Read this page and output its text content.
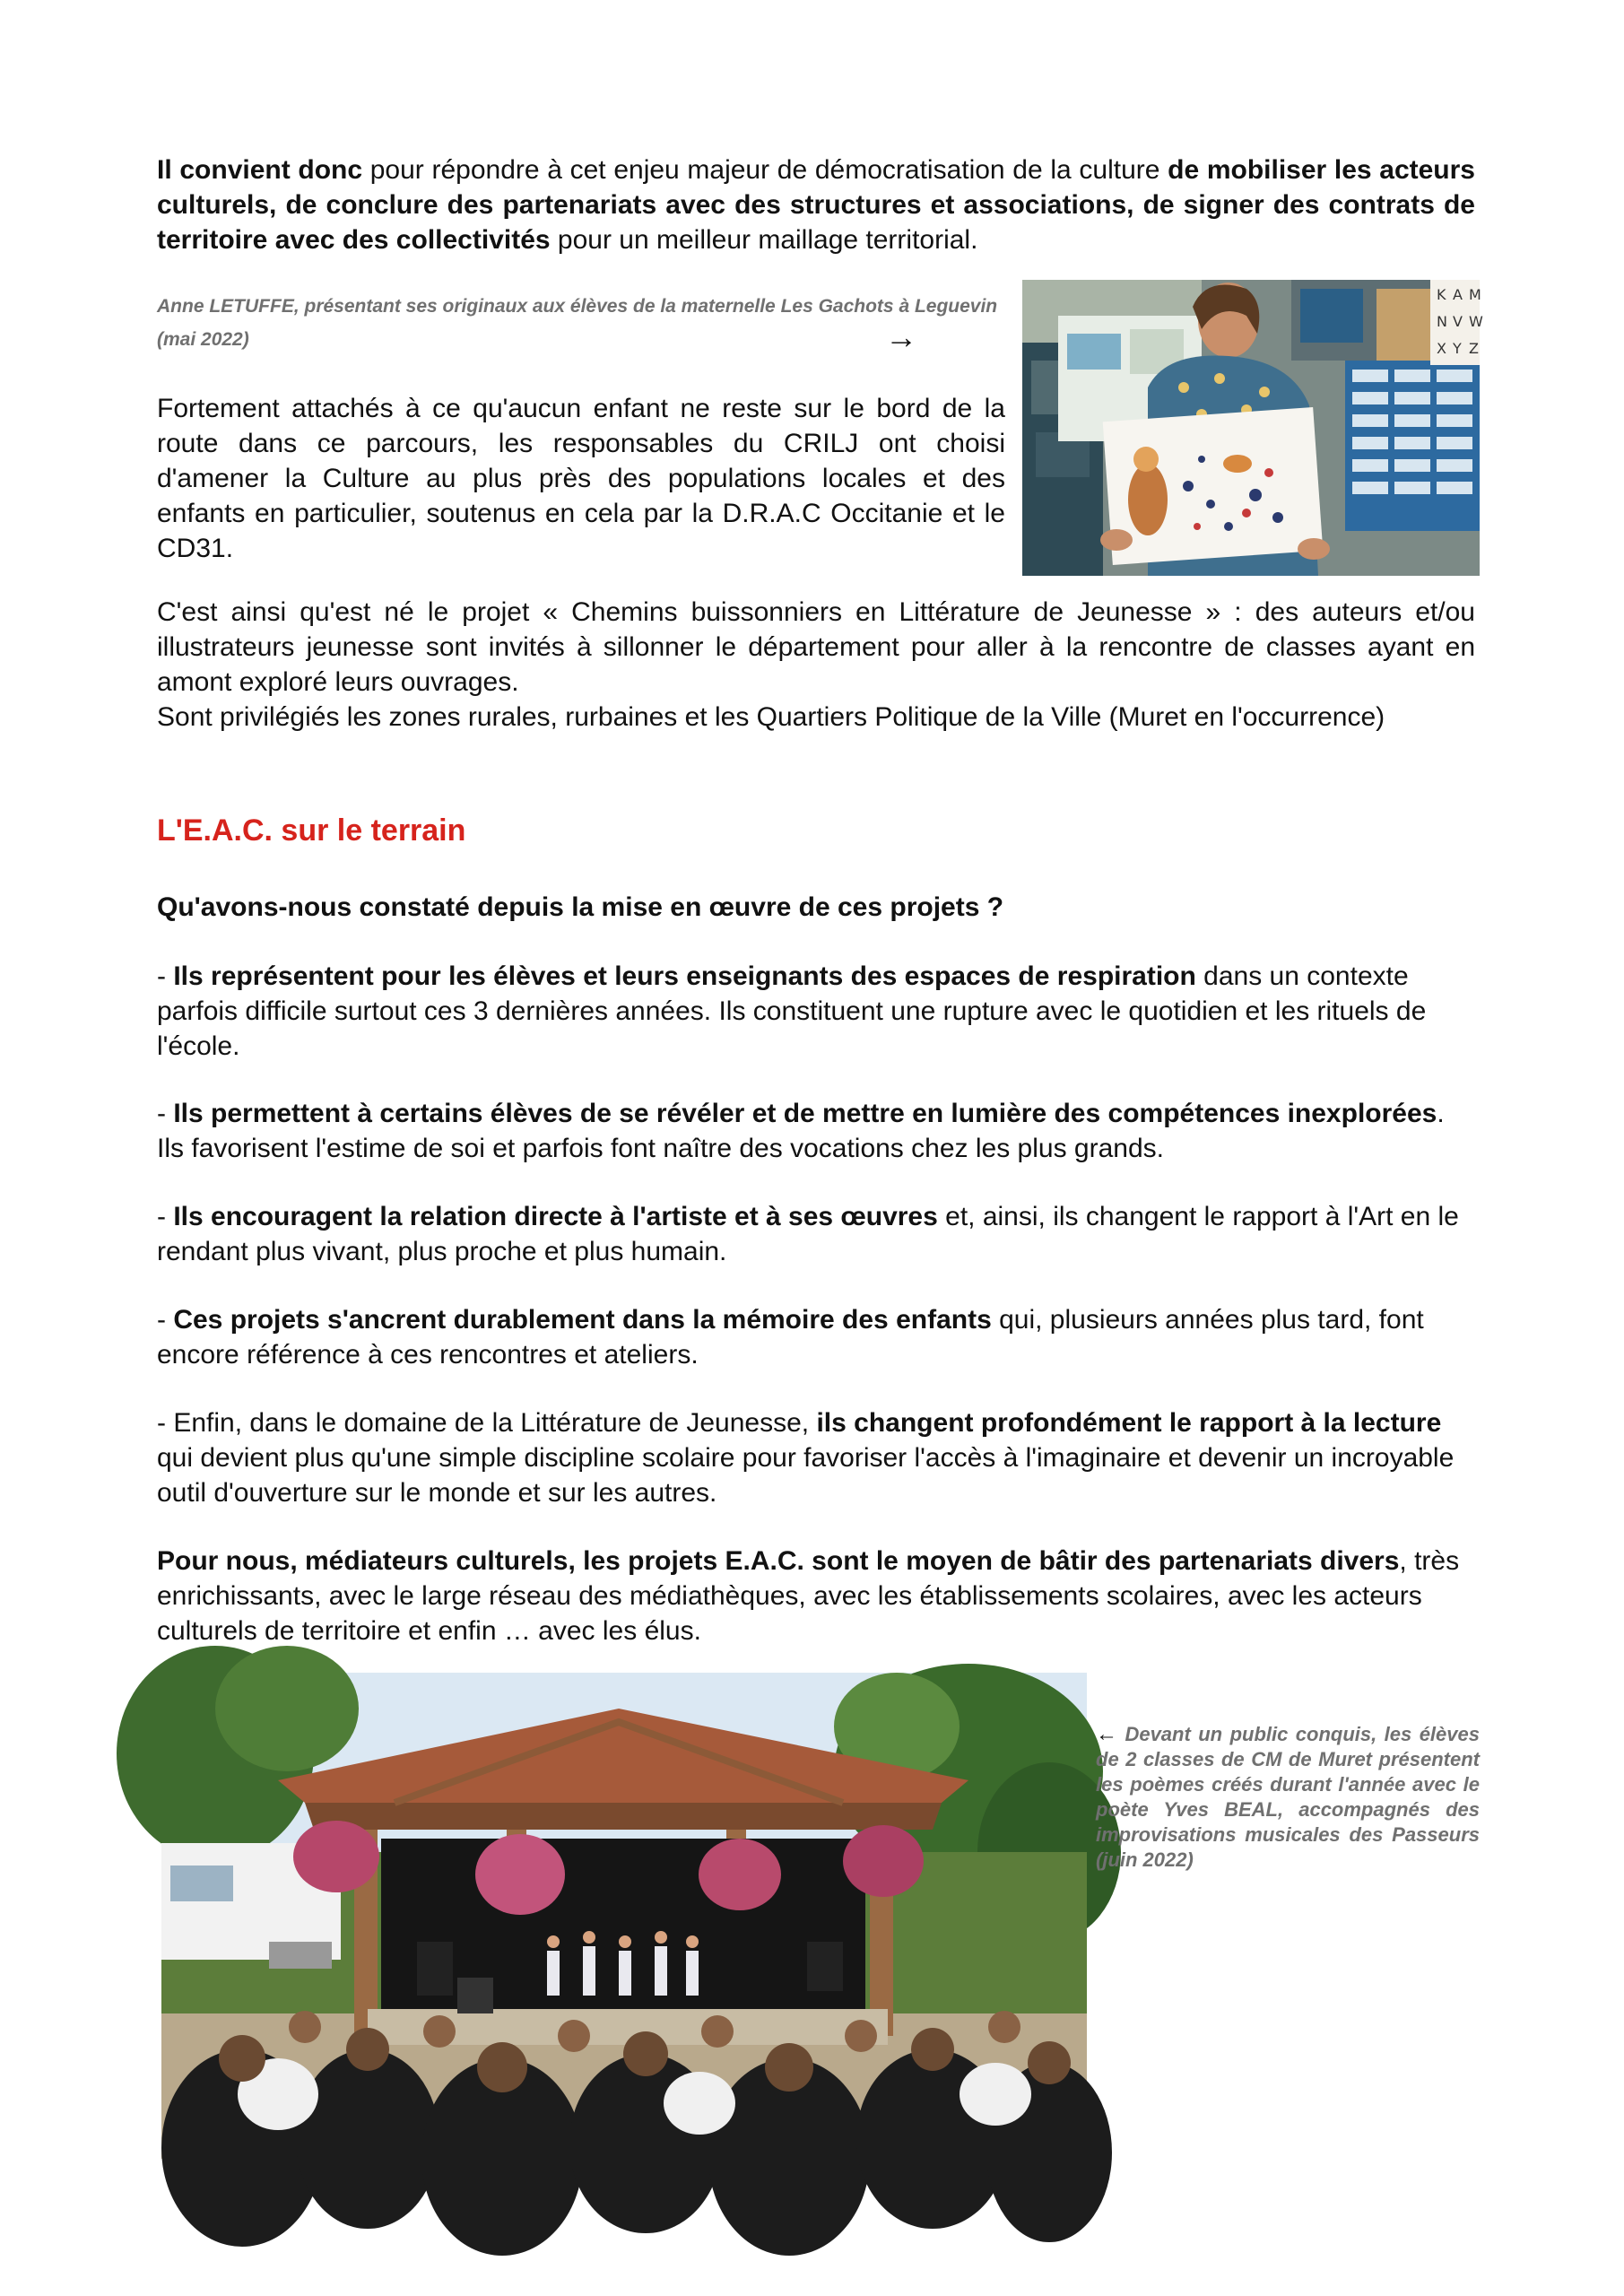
Il convient donc pour répondre à cet enjeu majeur de démocratisation de la culture de mobiliser les acteurs culturels, de conclure des partenariats avec des structures et associations, de signer des contrats de territoire avec des collectivités pour un meilleur maillage territorial.
Anne LETUFFE, présentant ses originaux aux élèves de la maternelle Les Gachots à Leguevin (mai 2022)	→
K A M
N V W
X Y Z
Fortement attachés à ce qu'aucun enfant ne reste sur le bord de la route dans ce parcours, les responsables du CRILJ ont choisi d'amener la Culture au plus près des populations locales et des enfants en particulier, soutenus en cela par la D.R.A.C Occitanie et le CD31.
C'est ainsi qu'est né le projet « Chemins buissonniers en Littérature de Jeunesse » : des auteurs et/ou illustrateurs jeunesse sont invités à sillonner le département pour aller à la rencontre de classes ayant en amont exploré leurs ouvrages.
Sont privilégiés les zones rurales, rurbaines et les Quartiers Politique de la Ville (Muret en l'occurrence)
L'E.A.C. sur le terrain
Qu'avons-nous constaté depuis la mise en œuvre de ces projets ?
- Ils représentent pour les élèves et leurs enseignants des espaces de respiration dans un contexte parfois difficile surtout ces 3 dernières années. Ils constituent une rupture avec le quotidien et les rituels de l'école.
- Ils permettent à certains élèves de se révéler et de mettre en lumière des compétences inexplorées. Ils favorisent l'estime de soi et parfois font naître des vocations chez les plus grands.
- Ils encouragent la relation directe à l'artiste et à ses œuvres et, ainsi, ils changent le rapport à l'Art en le rendant plus vivant, plus proche et plus humain.
- Ces projets s'ancrent durablement dans la mémoire des enfants qui, plusieurs années plus tard, font encore référence à ces rencontres et ateliers.
- Enfin, dans le domaine de la Littérature de Jeunesse, ils changent profondément le rapport à la lecture qui devient plus qu'une simple discipline scolaire pour favoriser l'accès à l'imaginaire et devenir un incroyable outil d'ouverture sur le monde et sur les autres.
Pour nous, médiateurs culturels, les projets E.A.C. sont le moyen de bâtir des partenariats divers, très enrichissants, avec le large réseau des médiathèques, avec les établissements scolaires, avec les acteurs culturels de territoire et enfin … avec les élus.
← Devant un public conquis, les élèves de 2 classes de CM de Muret présentent les poèmes créés durant l'année avec le poète Yves BEAL, accompagnés des improvisations musicales des Passeurs (juin 2022)
